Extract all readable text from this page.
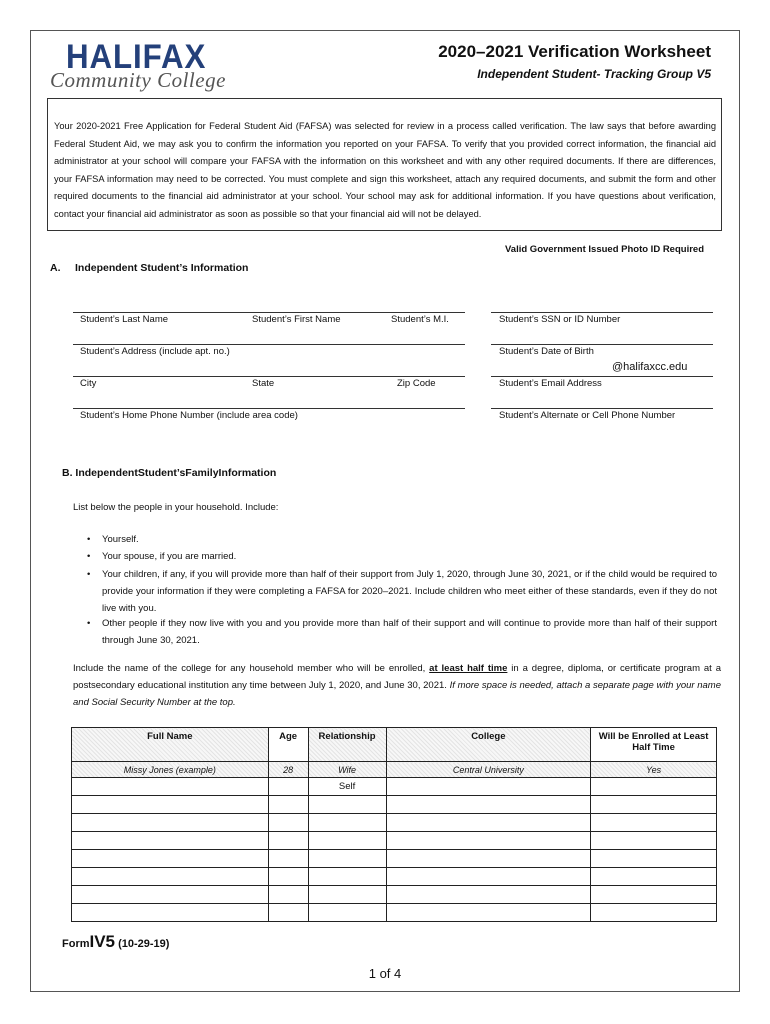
HALIFAX
Community College
2020–2021 Verification Worksheet
Independent Student- Tracking Group V5
Your 2020-2021 Free Application for Federal Student Aid (FAFSA) was selected for review in a process called verification. The law says that before awarding Federal Student Aid, we may ask you to confirm the information you reported on your FAFSA. To verify that you provided correct information, the financial aid administrator at your school will compare your FAFSA with the information on this worksheet and with any other required documents. If there are differences, your FAFSA information may need to be corrected. You must complete and sign this worksheet, attach any required documents, and submit the form and other required documents to the financial aid administrator at your school. Your school may ask for additional information. If you have questions about verification, contact your financial aid administrator as soon as possible so that your financial aid will not be delayed.
Valid Government Issued Photo ID Required
A. Independent Student’s Information
Student’s Last Name	Student’s First Name	Student’s M.I.	Student’s SSN or ID Number
Student’s Address (include apt. no.)	Student’s Date of Birth
@halifaxcc.edu
City	State	Zip Code	Student’s Email Address
Student’s Home Phone Number (include area code)	Student’s Alternate or Cell Phone Number
B. IndependentStudent’sFamilyInformation
List below the people in your household. Include:
• Yourself.
• Your spouse, if you are married.
• Your children, if any, if you will provide more than half of their support from July 1, 2020, through June 30, 2021, or if the child would be required to provide your information if they were completing a FAFSA for 2020–2021. Include children who meet either of these standards, even if they do not live with you.
• Other people if they now live with you and you provide more than half of their support and will continue to provide more than half of their support through June 30, 2021.
Include the name of the college for any household member who will be enrolled, at least half time in a degree, diploma, or certificate program at a postsecondary educational institution any time between July 1, 2020, and June 30, 2021. If more space is needed, attach a separate page with your name and Social Security Number at the top.
Full Name	Age	Relationship	College	Will be Enrolled at Least Half Time
Missy Jones (example)	28	Wife	Central University	Yes
		Self		

FormIV5 (10-29-19)
1 of 4
